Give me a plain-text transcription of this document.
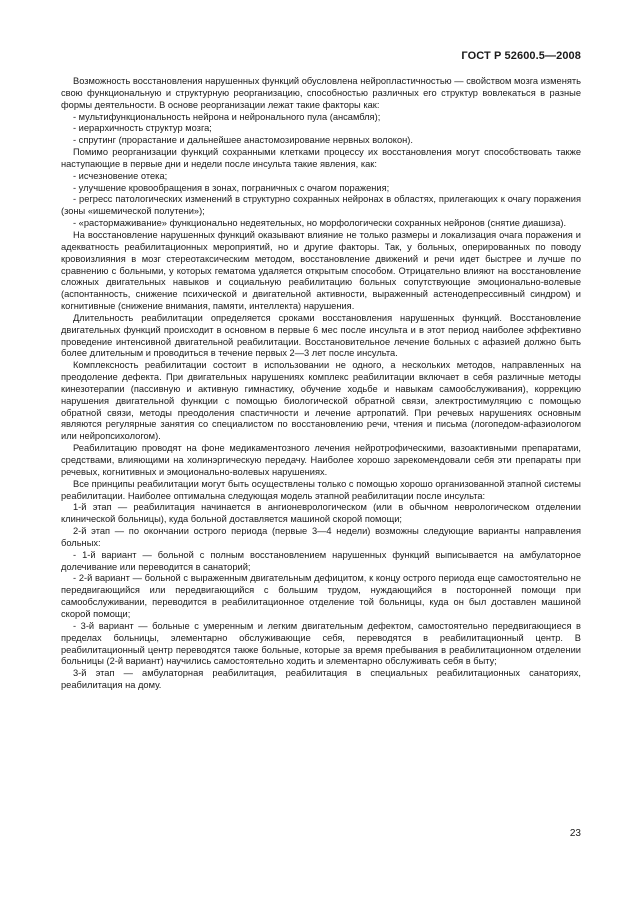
ГОСТ Р 52600.5—2008

Возможность восстановления нарушенных функций обусловлена нейропластичностью — свойством мозга изменять свою функциональную и структурную реорганизацию, способностью различных его структур вовлекаться в разные формы деятельности. В основе реорганизации лежат такие факторы как:

- мультифункциональность нейрона и нейронального пула (ансамбля);

- иерархичность структур мозга;

- спрутинг (прорастание и дальнейшее анастомозирование нервных волокон).

Помимо реорганизации функций сохранными клетками процессу их восстановления могут способствовать также наступающие в первые дни и недели после инсульта такие явления, как:

- исчезновение отека;

- улучшение кровообращения в зонах, пограничных с очагом поражения;

- регресс патологических изменений в структурно сохранных нейронах в областях, прилегающих к очагу поражения (зоны «ишемической полутени»);

- «растормаживание» функционально недеятельных, но морфологически сохранных нейронов (снятие диашиза).

На восстановление нарушенных функций оказывают влияние не только размеры и локализация очага поражения и адекватность реабилитационных мероприятий, но и другие факторы. Так, у больных, оперированных по поводу кровоизлияния в мозг стереотаксическим методом, восстановление движений и речи идет быстрее и лучше по сравнению с больными, у которых гематома удаляется открытым способом. Отрицательно влияют на восстановление сложных двигательных навыков и социальную реабилитацию больных сопутствующие эмоционально-волевые (аспонтанность, снижение психической и двигательной активности, выраженный астенодепрессивный синдром) и когнитивные (снижение внимания, памяти, интеллекта) нарушения.

Длительность реабилитации определяется сроками восстановления нарушенных функций. Восстановление двигательных функций происходит в основном в первые 6 мес после инсульта и в этот период наиболее эффективно проведение интенсивной двигательной реабилитации. Восстановительное лечение больных с афазией должно быть более длительным и проводиться в течение первых 2—3 лет после инсульта.

Комплексность реабилитации состоит в использовании не одного, а нескольких методов, направленных на преодоление дефекта. При двигательных нарушениях комплекс реабилитации включает в себя различные методы кинезотерапии (пассивную и активную гимнастику, обучение ходьбе и навыкам самообслуживания), коррекцию нарушения двигательной функции с помощью биологической обратной связи, электростимуляцию с помощью обратной связи, методы преодоления спастичности и лечение артропатий. При речевых нарушениях основным являются регулярные занятия со специалистом по восстановлению речи, чтения и письма (логопедом-афазиологом или нейропсихологом).

Реабилитацию проводят на фоне медикаментозного лечения нейротрофическими, вазоактивными препаратами, средствами, влияющими на холинэргическую передачу. Наиболее хорошо зарекомендовали себя эти препараты при речевых, когнитивных и эмоционально-волевых нарушениях.

Все принципы реабилитации могут быть осуществлены только с помощью хорошо организованной этапной системы реабилитации. Наиболее оптимальна следующая модель этапной реабилитации после инсульта:

1-й этап — реабилитация начинается в ангионеврологическом (или в обычном неврологическом отделении клинической больницы), куда больной доставляется машиной скорой помощи;

2-й этап — по окончании острого периода (первые 3—4 недели) возможны следующие варианты направления больных:

- 1-й вариант — больной с полным восстановлением нарушенных функций выписывается на амбулаторное долечивание или переводится в санаторий;

- 2-й вариант — больной с выраженным двигательным дефицитом, к концу острого периода еще самостоятельно не передвигающийся или передвигающийся с большим трудом, нуждающийся в посторонней помощи при самообслуживании, переводится в реабилитационное отделение той больницы, куда он был доставлен машиной скорой помощи;

- 3-й вариант — больные с умеренным и легким двигательным дефектом, самостоятельно передвигающиеся в пределах больницы, элементарно обслуживающие себя, переводятся в реабилитационный центр. В реабилитационный центр переводятся также больные, которые за время пребывания в реабилитационном отделении больницы (2-й вариант) научились самостоятельно ходить и элементарно обслуживать себя в быту;

3-й этап — амбулаторная реабилитация, реабилитация в специальных реабилитационных санаториях, реабилитация на дому.

23
